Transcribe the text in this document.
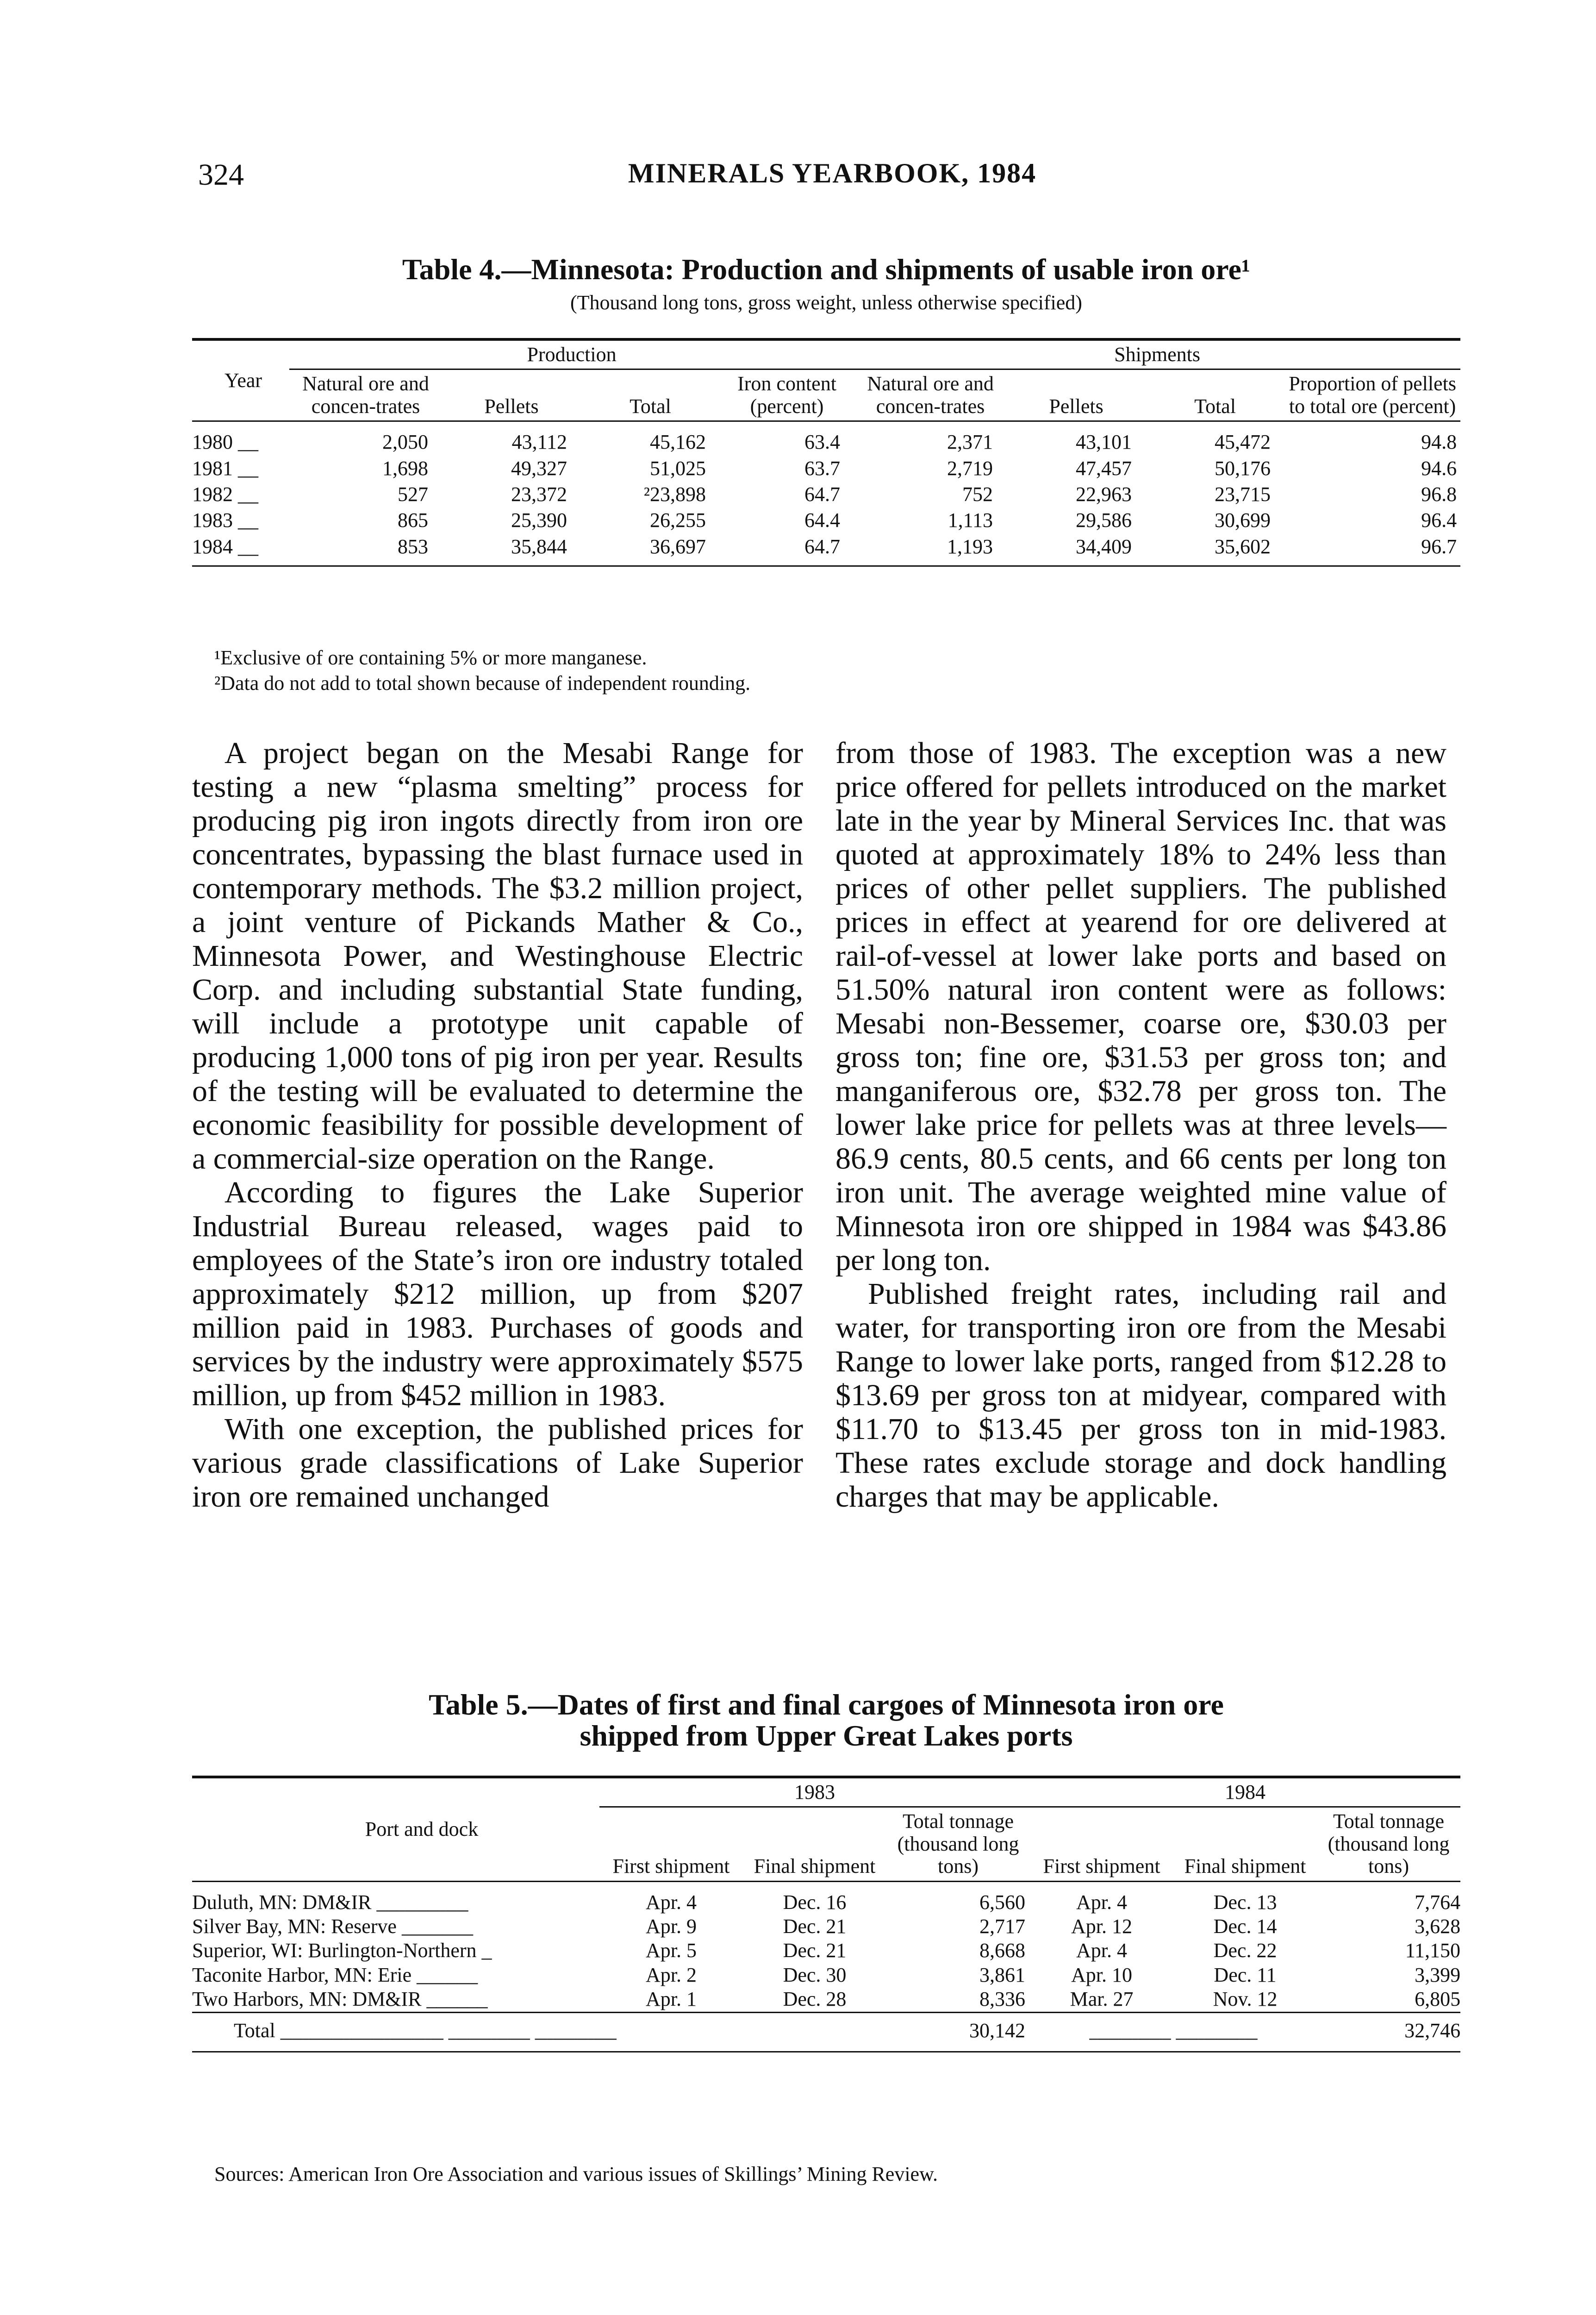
324	MINERALS YEARBOOK, 1984
Table 4.—Minnesota: Production and shipments of usable iron ore¹
(Thousand long tons, gross weight, unless otherwise specified)
Year	Production				Shipments			
	Natural ore and concen-trates	Pellets	Total	Iron content (percent)	Natural ore and concen-trates	Pellets	Total	Proportion of pellets to total ore (percent)
1980 __	2,050	43,112	45,162	63.4	2,371	43,101	45,472	94.8
1981 __	1,698	49,327	51,025	63.7	2,719	47,457	50,176	94.6
1982 __	527	23,372	²23,898	64.7	752	22,963	23,715	96.8
1983 __	865	25,390	26,255	64.4	1,113	29,586	30,699	96.4
1984 __	853	35,844	36,697	64.7	1,193	34,409	35,602	96.7
¹Exclusive of ore containing 5% or more manganese.
²Data do not add to total shown because of independent rounding.

A project began on the Mesabi Range for testing a new “plasma smelting” process for producing pig iron ingots directly from iron ore concentrates, bypassing the blast furnace used in contemporary methods. The $3.2 million project, a joint venture of Pickands Mather & Co., Minnesota Power, and Westinghouse Electric Corp. and including substantial State funding, will include a prototype unit capable of producing 1,000 tons of pig iron per year. Results of the testing will be evaluated to determine the economic feasibility for possible development of a commercial-size operation on the Range.

According to figures the Lake Superior Industrial Bureau released, wages paid to employees of the State’s iron ore industry totaled approximately $212 million, up from $207 million paid in 1983. Purchases of goods and services by the industry were approximately $575 million, up from $452 million in 1983.

With one exception, the published prices for various grade classifications of Lake Superior iron ore remained unchanged

from those of 1983. The exception was a new price offered for pellets introduced on the market late in the year by Mineral Services Inc. that was quoted at approximately 18% to 24% less than prices of other pellet suppliers. The published prices in effect at yearend for ore delivered at rail-of-vessel at lower lake ports and based on 51.50% natural iron content were as follows: Mesabi non-Bessemer, coarse ore, $30.03 per gross ton; fine ore, $31.53 per gross ton; and manganiferous ore, $32.78 per gross ton. The lower lake price for pellets was at three levels—86.9 cents, 80.5 cents, and 66 cents per long ton iron unit. The average weighted mine value of Minnesota iron ore shipped in 1984 was $43.86 per long ton.

Published freight rates, including rail and water, for transporting iron ore from the Mesabi Range to lower lake ports, ranged from $12.28 to $13.69 per gross ton at midyear, compared with $11.70 to $13.45 per gross ton in mid-1983. These rates exclude storage and dock handling charges that may be applicable.

Table 5.—Dates of first and final cargoes of Minnesota iron ore
shipped from Upper Great Lakes ports
Port and dock	1983			1984		
	First shipment	Final shipment	Total tonnage (thousand long tons)	First shipment	Final shipment	Total tonnage (thousand long tons)
Duluth, MN: DM&IR _________	Apr. 4	Dec. 16	6,560	Apr. 4	Dec. 13	7,764
Silver Bay, MN: Reserve _______	Apr. 9	Dec. 21	2,717	Apr. 12	Dec. 14	3,628
Superior, WI: Burlington-Northern _	Apr. 5	Dec. 21	8,668	Apr. 4	Dec. 22	11,150
Taconite Harbor, MN: Erie ______	Apr. 2	Dec. 30	3,861	Apr. 10	Dec. 11	3,399
Two Harbors, MN: DM&IR ______	Apr. 1	Dec. 28	8,336	Mar. 27	Nov. 12	6,805
Total ________________ ________ ________			30,142	________ ________		32,746
Sources: American Iron Ore Association and various issues of Skillings’ Mining Review.
